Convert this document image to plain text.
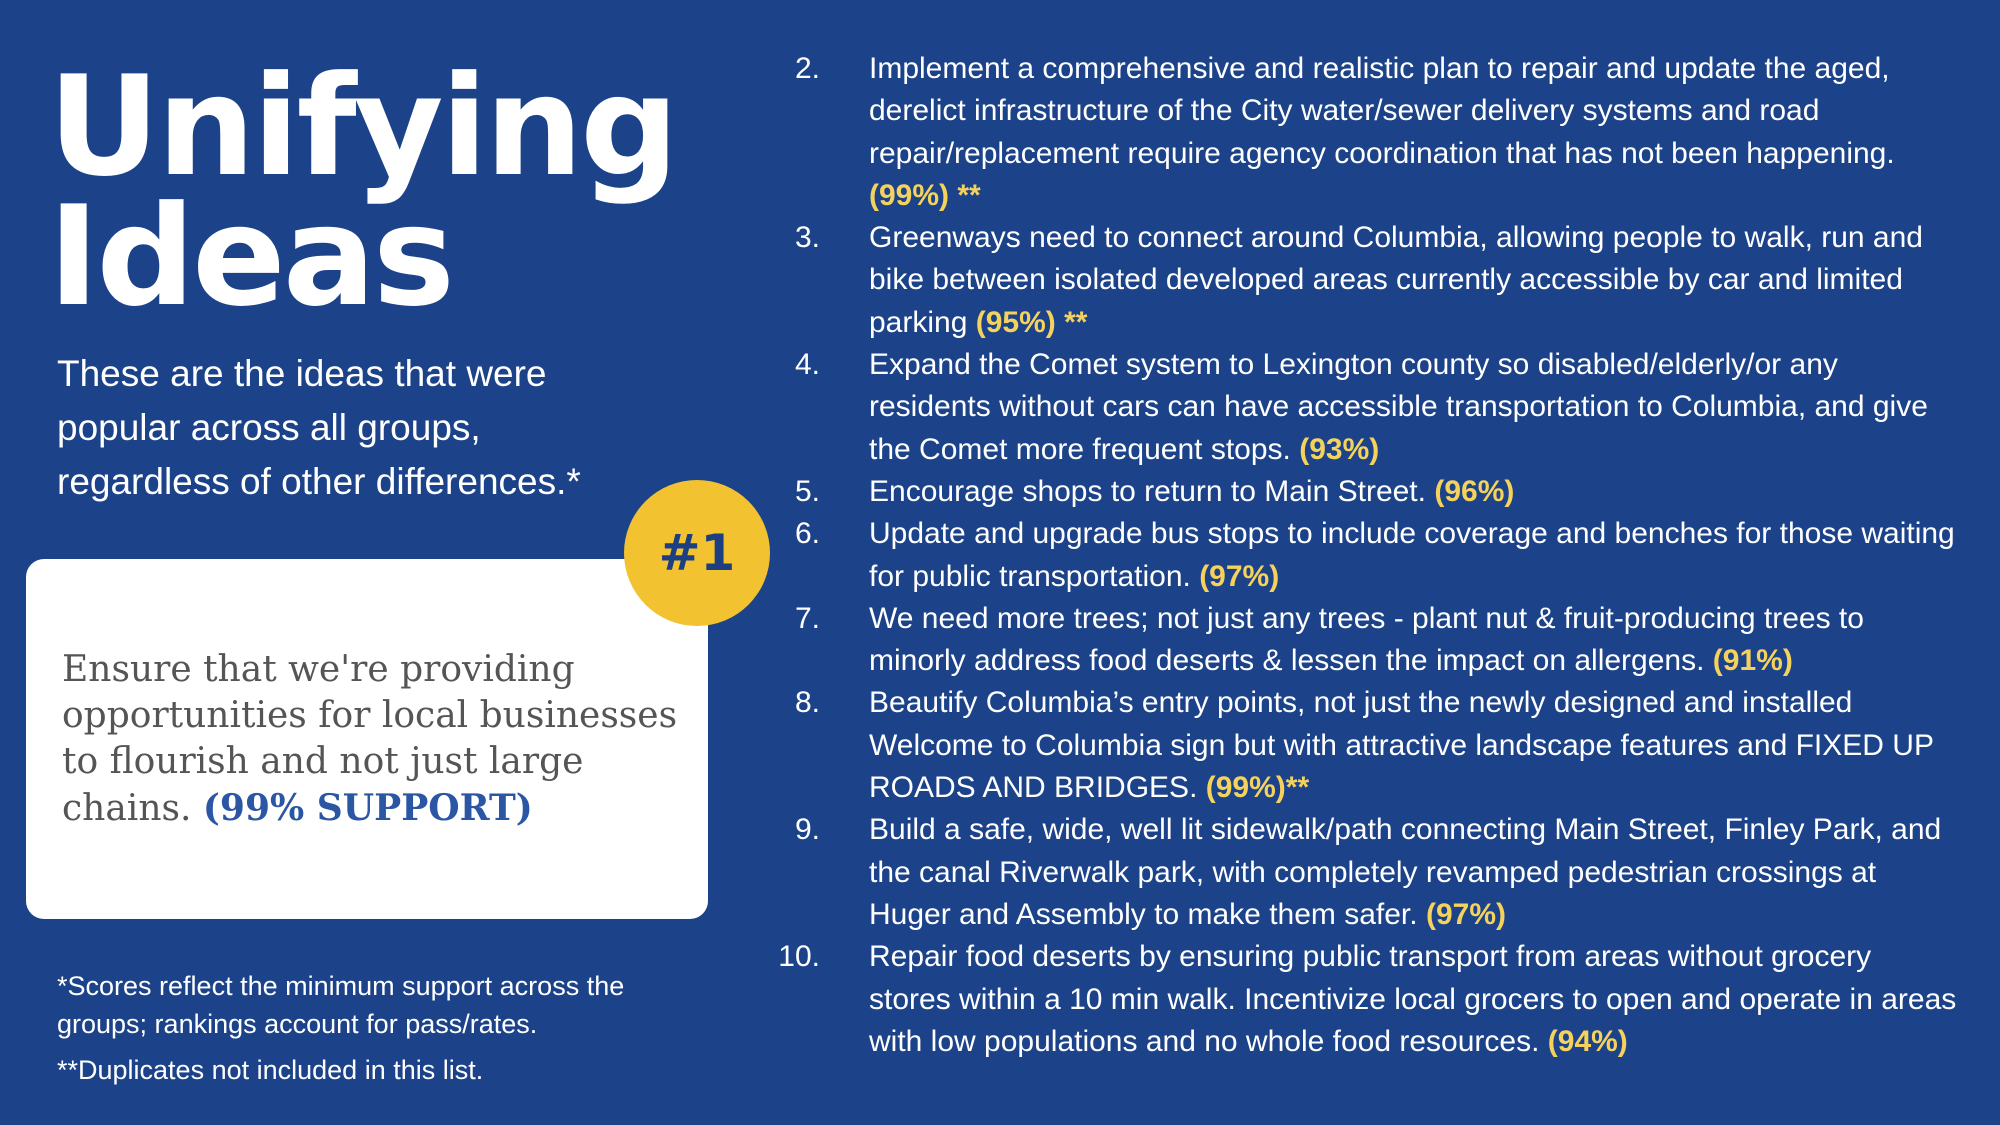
Unifying
Ideas

These are the ideas that were popular across all groups, regardless of other differences.*

Ensure that we're providing opportunities for local businesses to flourish and not just large chains. (99% SUPPORT)
#1

*Scores reflect the minimum support across the groups; rankings account for pass/rates.

**Duplicates not included in this list.

2. Implement a comprehensive and realistic plan to repair and update the aged, derelict infrastructure of the City water/sewer delivery systems and road repair/replacement require agency coordination that has not been happening. (99%) **
3. Greenways need to connect around Columbia, allowing people to walk, run and bike between isolated developed areas currently accessible by car and limited parking (95%) **
4. Expand the Comet system to Lexington county so disabled/elderly/or any residents without cars can have accessible transportation to Columbia, and give the Comet more frequent stops. (93%)
5. Encourage shops to return to Main Street. (96%)
6. Update and upgrade bus stops to include coverage and benches for those waiting for public transportation. (97%)
7. We need more trees; not just any trees - plant nut & fruit-producing trees to minorly address food deserts & lessen the impact on allergens. (91%)
8. Beautify Columbia’s entry points, not just the newly designed and installed Welcome to Columbia sign but with attractive landscape features and FIXED UP ROADS AND BRIDGES. (99%)**
9. Build a safe, wide, well lit sidewalk/path connecting Main Street, Finley Park, and the canal Riverwalk park, with completely revamped pedestrian crossings at Huger and Assembly to make them safer. (97%)
10. Repair food deserts by ensuring public transport from areas without grocery stores within a 10 min walk. Incentivize local grocers to open and operate in areas with low populations and no whole food resources. (94%)
